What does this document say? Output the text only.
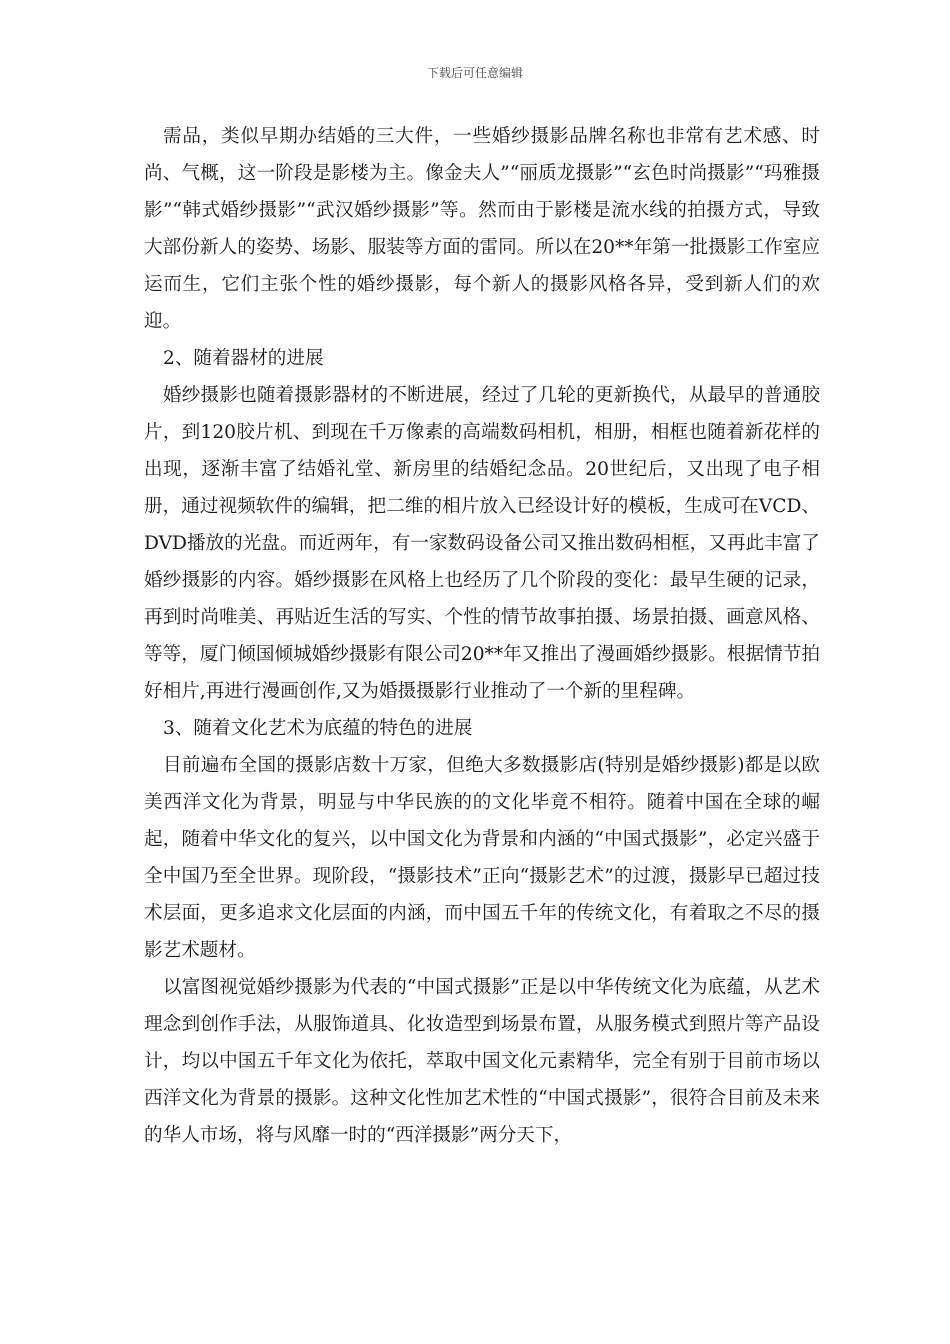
下载后可任意编辑

需品，类似早期办结婚的三大件，一些婚纱摄影品牌名称也非常有艺术感、时尚、气概，这一阶段是影楼为主。像金夫人”“丽质龙摄影”“玄色时尚摄影”“玛雅摄影”“韩式婚纱摄影”“武汉婚纱摄影”等。然而由于影楼是流水线的拍摄方式，导致大部份新人的姿势、场影、服装等方面的雷同。所以在20**年第一批摄影工作室应运而生，它们主张个性的婚纱摄影，每个新人的摄影风格各异，受到新人们的欢迎。

2、随着器材的进展

婚纱摄影也随着摄影器材的不断进展，经过了几轮的更新换代，从最早的普通胶片，到120胶片机、到现在千万像素的高端数码相机，相册，相框也随着新花样的出现，逐渐丰富了结婚礼堂、新房里的结婚纪念品。20世纪后，又出现了电子相册，通过视频软件的编辑，把二维的相片放入已经设计好的模板，生成可在VCD、DVD播放的光盘。而近两年，有一家数码设备公司又推出数码相框，又再此丰富了婚纱摄影的内容。婚纱摄影在风格上也经历了几个阶段的变化：最早生硬的记录，再到时尚唯美、再贴近生活的写实、个性的情节故事拍摄、场景拍摄、画意风格、等等，厦门倾国倾城婚纱摄影有限公司20**年又推出了漫画婚纱摄影。根据情节拍好相片,再进行漫画创作,又为婚摄摄影行业推动了一个新的里程碑。

3、随着文化艺术为底蕴的特色的进展

目前遍布全国的摄影店数十万家，但绝大多数摄影店(特别是婚纱摄影)都是以欧美西洋文化为背景，明显与中华民族的的文化毕竟不相符。随着中国在全球的崛起，随着中华文化的复兴，以中国文化为背景和内涵的“中国式摄影”，必定兴盛于全中国乃至全世界。现阶段，“摄影技术”正向“摄影艺术”的过渡，摄影早已超过技术层面，更多追求文化层面的内涵，而中国五千年的传统文化，有着取之不尽的摄影艺术题材。

以富图视觉婚纱摄影为代表的“中国式摄影”正是以中华传统文化为底蕴，从艺术理念到创作手法，从服饰道具、化妆造型到场景布置，从服务模式到照片等产品设计，均以中国五千年文化为依托，萃取中国文化元素精华，完全有别于目前市场以西洋文化为背景的摄影。这种文化性加艺术性的“中国式摄影”，很符合目前及未来的华人市场，将与风靡一时的“西洋摄影”两分天下，
